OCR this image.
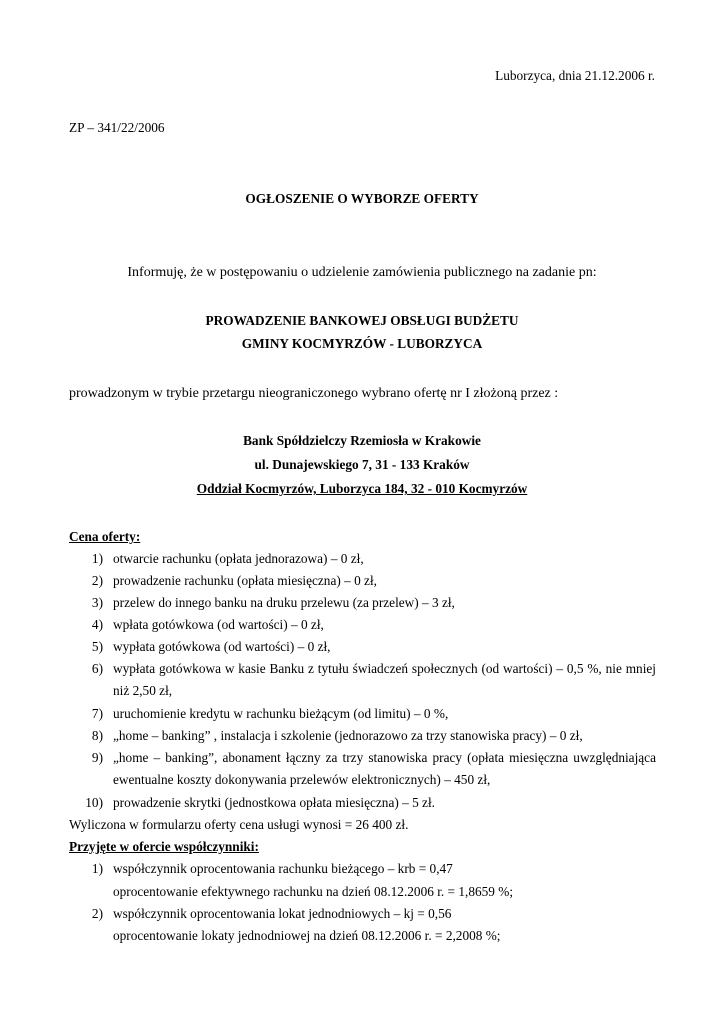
Luborzyca, dnia 21.12.2006 r.
ZP – 341/22/2006
OGŁOSZENIE O WYBORZE OFERTY
Informuję, że w postępowaniu o udzielenie zamówienia publicznego na zadanie pn:
PROWADZENIE BANKOWEJ OBSŁUGI BUDŻETU
GMINY KOCMYRZÓW - LUBORZYCA
prowadzonym w trybie przetargu nieograniczonego wybrano ofertę nr I złożoną przez :
Bank Spółdzielczy Rzemiosła w Krakowie
ul. Dunajewskiego 7, 31 - 133 Kraków
Oddział Kocmyrzów, Luborzyca 184, 32 - 010 Kocmyrzów
Cena oferty:
1) otwarcie rachunku (opłata jednorazowa) – 0 zł,
2) prowadzenie rachunku (opłata miesięczna) – 0 zł,
3) przelew do innego banku na druku przelewu (za przelew) – 3 zł,
4) wpłata gotówkowa (od wartości) – 0 zł,
5) wypłata gotówkowa (od wartości) – 0 zł,
6) wypłata gotówkowa w kasie Banku z tytułu świadczeń społecznych (od wartości) – 0,5 %, nie mniej
niż 2,50 zł,
7) uruchomienie kredytu w rachunku bieżącym (od limitu) – 0 %,
8) „home – banking” , instalacja i szkolenie (jednorazowo za trzy stanowiska pracy) – 0 zł,
9) „home – banking”, abonament łączny za trzy stanowiska pracy (opłata miesięczna uwzględniająca
ewentualne koszty dokonywania przelewów elektronicznych) – 450 zł,
10) prowadzenie skrytki (jednostkowa opłata miesięczna) – 5 zł.
Wyliczona w formularzu oferty cena usługi wynosi = 26 400 zł.
Przyjęte w ofercie współczynniki:
1) współczynnik oprocentowania rachunku bieżącego – krb = 0,47
oprocentowanie efektywnego rachunku na dzień 08.12.2006 r. = 1,8659 %;
2) współczynnik oprocentowania lokat jednodniowych – kj = 0,56
oprocentowanie lokaty jednodniowej na dzień 08.12.2006 r. = 2,2008 %;
